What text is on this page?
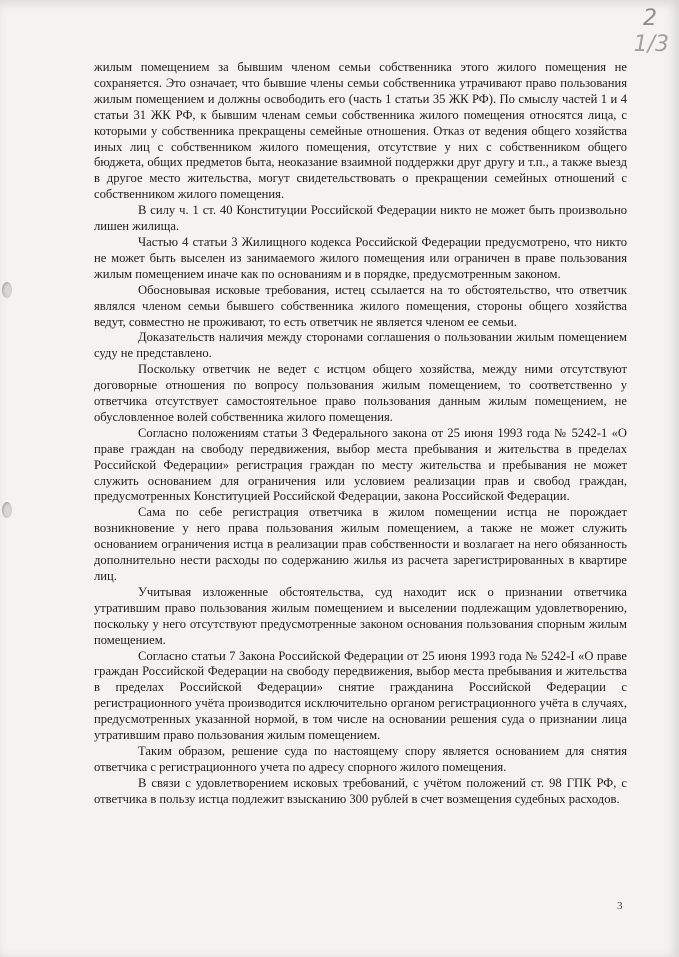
2
1/3

жилым помещением за бывшим членом семьи собственника этого жилого помещения не сохраняется. Это означает, что бывшие члены семьи собственника утрачивают право пользования жилым помещением и должны освободить его (часть 1 статьи 35 ЖК РФ). По смыслу частей 1 и 4 статьи 31 ЖК РФ, к бывшим членам семьи собственника жилого помещения относятся лица, с которыми у собственника прекращены семейные отношения. Отказ от ведения общего хозяйства иных лиц с собственником жилого помещения, отсутствие у них с собственником общего бюджета, общих предметов быта, неоказание взаимной поддержки друг другу и т.п., а также выезд в другое место жительства, могут свидетельствовать о прекращении семейных отношений с собственником жилого помещения.

В силу ч. 1 ст. 40 Конституции Российской Федерации никто не может быть произвольно лишен жилища.

Частью 4 статьи 3 Жилищного кодекса Российской Федерации предусмотрено, что никто не может быть выселен из занимаемого жилого помещения или ограничен в праве пользования жилым помещением иначе как по основаниям и в порядке, предусмотренным законом.

Обосновывая исковые требования, истец ссылается на то обстоятельство, что ответчик являлся членом семьи бывшего собственника жилого помещения, стороны общего хозяйства ведут, совместно не проживают, то есть ответчик не является членом ее семьи.

Доказательств наличия между сторонами соглашения о пользовании жилым помещением суду не представлено.

Поскольку ответчик не ведет с истцом общего хозяйства, между ними отсутствуют договорные отношения по вопросу пользования жилым помещением, то соответственно у ответчика отсутствует самостоятельное право пользования данным жилым помещением, не обусловленное волей собственника жилого помещения.

Согласно положениям статьи 3 Федерального закона от 25 июня 1993 года № 5242-1 «О праве граждан на свободу передвижения, выбор места пребывания и жительства в пределах Российской Федерации» регистрация граждан по месту жительства и пребывания не может служить основанием для ограничения или условием реализации прав и свобод граждан, предусмотренных Конституцией Российской Федерации, закона Российской Федерации.

Сама по себе регистрация ответчика в жилом помещении истца не порождает возникновение у него права пользования жилым помещением, а также не может служить основанием ограничения истца в реализации прав собственности и возлагает на него обязанность дополнительно нести расходы по содержанию жилья из расчета зарегистрированных в квартире лиц.

Учитывая изложенные обстоятельства, суд находит иск о признании ответчика утратившим право пользования жилым помещением и выселении подлежащим удовлетворению, поскольку у него отсутствуют предусмотренные законом основания пользования спорным жилым помещением.

Согласно статьи 7 Закона Российской Федерации от 25 июня 1993 года № 5242-I «О праве граждан Российской Федерации на свободу передвижения, выбор места пребывания и жительства в пределах Российской Федерации» снятие гражданина Российской Федерации с регистрационного учёта производится исключительно органом регистрационного учёта в случаях, предусмотренных указанной нормой, в том числе на основании решения суда о признании лица утратившим право пользования жилым помещением.

Таким образом, решение суда по настоящему спору является основанием для снятия ответчика с регистрационного учета по адресу спорного жилого помещения.

В связи с удовлетворением исковых требований, с учётом положений ст. 98 ГПК РФ, с ответчика в пользу истца подлежит взысканию 300 рублей в счет возмещения судебных расходов.

3
